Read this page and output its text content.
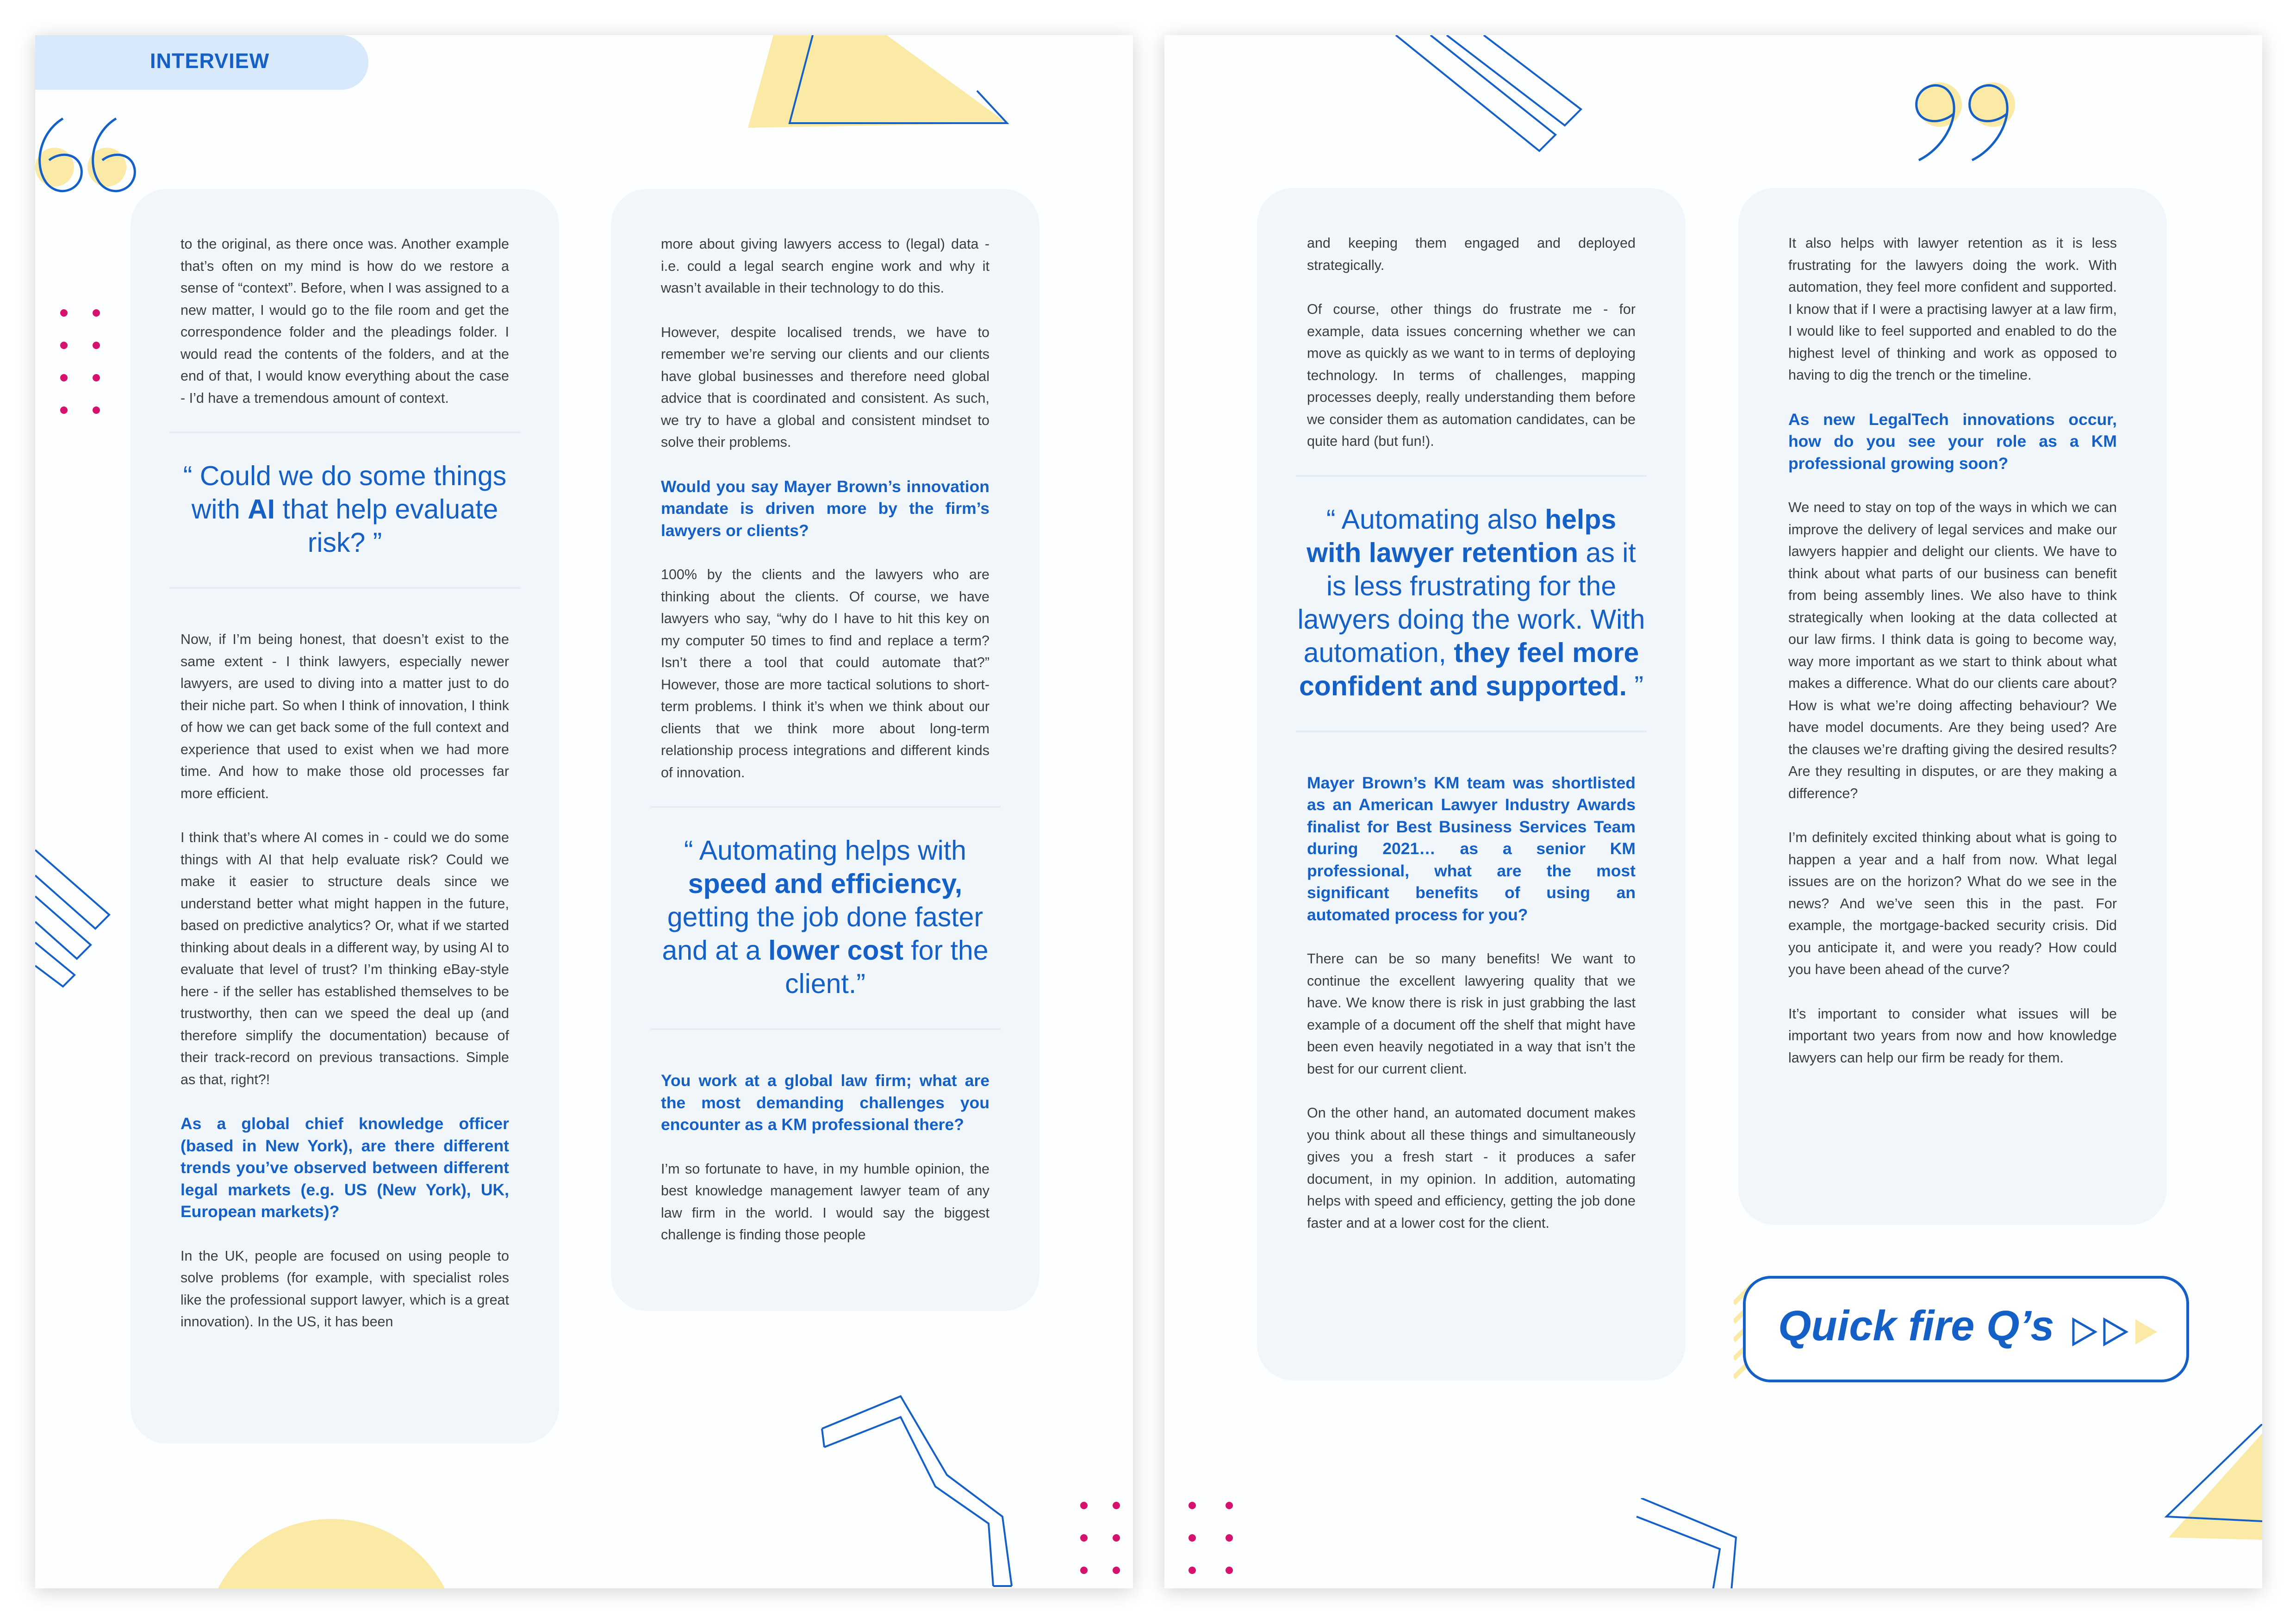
INTERVIEW

to the original, as there once was. Another example that’s often on my mind is how do we restore a sense of “context”. Before, when I was assigned to a new matter, I would go to the file room and get the correspondence folder and the pleadings folder. I would read the contents of the folders, and at the end of that, I would know everything about the case - I’d have a tremendous amount of context.

“ Could we do some things with AI that help evaluate risk? ”

Now, if I’m being honest, that doesn’t exist to the same extent - I think lawyers, especially newer lawyers, are used to diving into a matter just to do their niche part. So when I think of innovation, I think of how we can get back some of the full context and experience that used to exist when we had more time. And how to make those old processes far more efficient.

I think that’s where AI comes in - could we do some things with AI that help evaluate risk? Could we make it easier to structure deals since we understand better what might happen in the future, based on predictive analytics? Or, what if we started thinking about deals in a different way, by using AI to evaluate that level of trust? I’m thinking eBay-style here - if the seller has established themselves to be trustworthy, then can we speed the deal up (and therefore simplify the documentation) because of their track-record on previous transactions. Simple as that, right?!

As a global chief knowledge officer (based in New York), are there different trends you’ve observed between different legal markets (e.g. US (New York), UK, European markets)?

In the UK, people are focused on using people to solve problems (for example, with specialist roles like the professional support lawyer, which is a great innovation). In the US, it has been

more about giving lawyers access to (legal) data - i.e. could a legal search engine work and why it wasn’t available in their technology to do this.

However, despite localised trends, we have to remember we’re serving our clients and our clients have global businesses and therefore need global advice that is coordinated and consistent. As such, we try to have a global and consistent mindset to solve their problems.

Would you say Mayer Brown’s innovation mandate is driven more by the firm’s lawyers or clients?

100% by the clients and the lawyers who are thinking about the clients. Of course, we have lawyers who say, “why do I have to hit this key on my computer 50 times to find and replace a term? Isn’t there a tool that could automate that?” However, those are more tactical solutions to short-term problems. I think it’s when we think about our clients that we think more about long-term relationship process integrations and different kinds of innovation.

“ Automating helps with speed and efficiency, getting the job done faster and at a lower cost for the client.”

You work at a global law firm; what are the most demanding challenges you encounter as a KM professional there?

I’m so fortunate to have, in my humble opinion, the best knowledge management lawyer team of any law firm in the world. I would say the biggest challenge is finding those people

and keeping them engaged and deployed strategically.

Of course, other things do frustrate me - for example, data issues concerning whether we can move as quickly as we want to in terms of deploying technology. In terms of challenges, mapping processes deeply, really understanding them before we consider them as automation candidates, can be quite hard (but fun!).

“ Automating also helps with lawyer retention as it is less frustrating for the lawyers doing the work. With automation, they feel more confident and supported. ”

Mayer Brown’s KM team was shortlisted as an American Lawyer Industry Awards finalist for Best Business Services Team during 2021… as a senior KM professional, what are the most significant benefits of using an automated process for you?

There can be so many benefits! We want to continue the excellent lawyering quality that we have. We know there is risk in just grabbing the last example of a document off the shelf that might have been even heavily negotiated in a way that isn’t the best for our current client.

On the other hand, an automated document makes you think about all these things and simultaneously gives you a fresh start - it produces a safer document, in my opinion. In addition, automating helps with speed and efficiency, getting the job done faster and at a lower cost for the client.

It also helps with lawyer retention as it is less frustrating for the lawyers doing the work. With automation, they feel more confident and supported. I know that if I were a practising lawyer at a law firm, I would like to feel supported and enabled to do the highest level of thinking and work as opposed to having to dig the trench or the timeline.

As new LegalTech innovations occur, how do you see your role as a KM professional growing soon?

We need to stay on top of the ways in which we can improve the delivery of legal services and make our lawyers happier and delight our clients. We have to think about what parts of our business can benefit from being assembly lines. We also have to think strategically when looking at the data collected at our law firms. I think data is going to become way, way more important as we start to think about what makes a difference. What do our clients care about? How is what we’re doing affecting behaviour? We have model documents. Are they being used? Are the clauses we’re drafting giving the desired results? Are they resulting in disputes, or are they making a difference?

I’m definitely excited thinking about what is going to happen a year and a half from now. What legal issues are on the horizon? What do we see in the news? And we’ve seen this in the past. For example, the mortgage-backed security crisis. Did you anticipate it, and were you ready? How could you have been ahead of the curve?

It’s important to consider what issues will be important two years from now and how knowledge lawyers can help our firm be ready for them.

Quick fire Q’s
